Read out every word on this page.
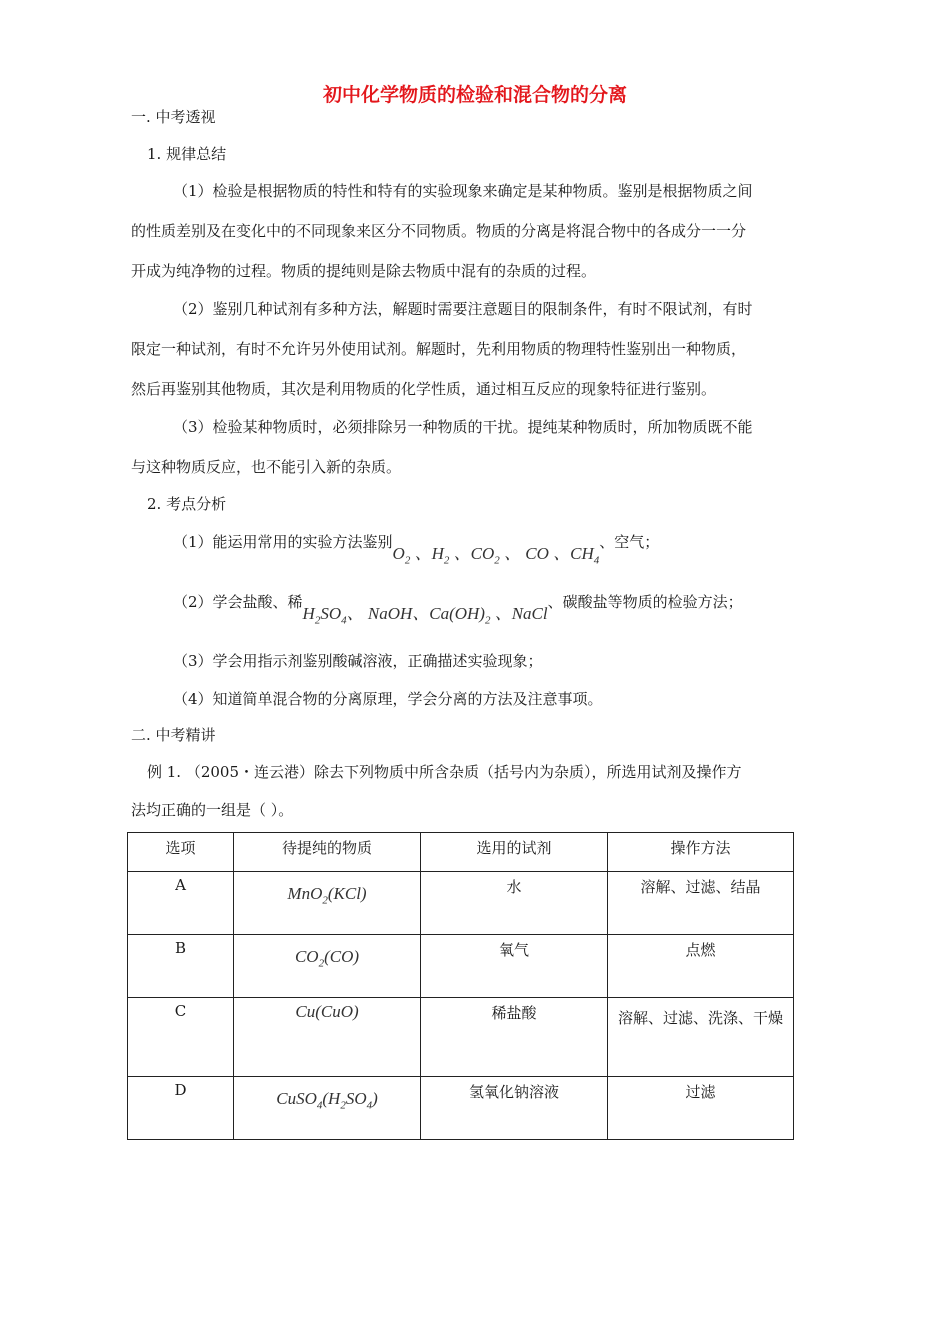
初中化学物质的检验和混合物的分离
一. 中考透视
1. 规律总结
（1）检验是根据物质的特性和特有的实验现象来确定是某种物质。鉴别是根据物质之间
的性质差别及在变化中的不同现象来区分不同物质。物质的分离是将混合物中的各成分一一分
开成为纯净物的过程。物质的提纯则是除去物质中混有的杂质的过程。
（2）鉴别几种试剂有多种方法，解题时需要注意题目的限制条件，有时不限试剂，有时
限定一种试剂，有时不允许另外使用试剂。解题时，先利用物质的物理特性鉴别出一种物质，
然后再鉴别其他物质，其次是利用物质的化学性质，通过相互反应的现象特征进行鉴别。
（3）检验某种物质时，必须排除另一种物质的干扰。提纯某种物质时，所加物质既不能
与这种物质反应，也不能引入新的杂质。
2. 考点分析
（1）能运用常用的实验方法鉴别$O_2$ 、$H_2$ 、$CO_2$ 、 CO 、$CH_4$、空气；
（2）学会盐酸、稀$H_2SO_4$、 NaOH、$Ca(OH)_2$ 、NaCl、碳酸盐等物质的检验方法；
（3）学会用指示剂鉴别酸碱溶液，正确描述实验现象；
（4）知道简单混合物的分离原理，学会分离的方法及注意事项。
二. 中考精讲
例 1. （2005・连云港）除去下列物质中所含杂质（括号内为杂质），所选用试剂及操作方
法均正确的一组是（ ）。
选项	待提纯的物质	选用的试剂	操作方法

A	MnO$_2$(KCl)	水	溶解、过滤、结晶

B	$CO_2(CO)$	氧气	点燃

C	Cu(CuO)	稀盐酸	溶解、过滤、洗涤、干燥

D	$CuSO_4(H_2SO_4)$	氢氧化钠溶液	过滤
